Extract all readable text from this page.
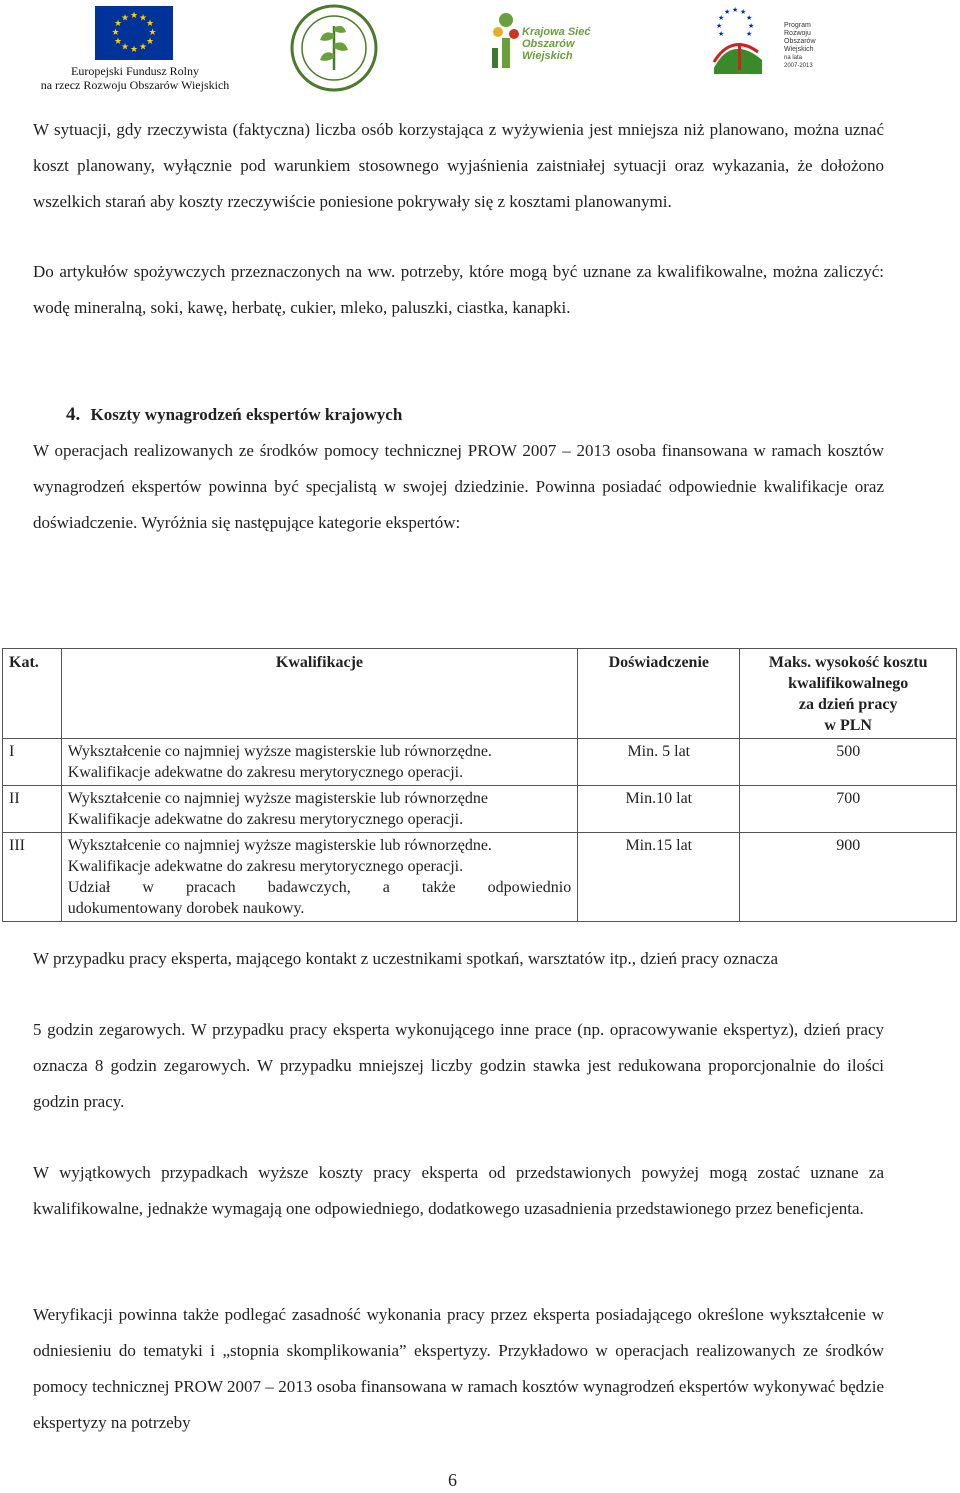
★ ★
★
★
★
★
★
★
★
★
★
★
Europejski Fundusz Rolny
na rzecz Rozwoju Obszarów Wiejskich
Krajowa Sieć
Obszarów Wiejskich
★ ★ ★
★	★
★	★
★	★
Program
Rozwoju
Obszarów
Wiejskich
na lata 2007-2013

W sytuacji, gdy rzeczywista (faktyczna) liczba osób korzystająca z wyżywienia jest mniejsza niż planowano, można uznać koszt planowany, wyłącznie pod warunkiem stosownego wyjaśnienia zaistniałej sytuacji oraz wykazania, że dołożono wszelkich starań aby koszty rzeczywiście poniesione pokrywały się z kosztami planowanymi.

Do artykułów spożywczych przeznaczonych na ww. potrzeby, które mogą być uznane za kwalifikowalne, można zaliczyć: wodę mineralną, soki, kawę, herbatę, cukier, mleko, paluszki, ciastka, kanapki.

4. Koszty wynagrodzeń ekspertów krajowych

W operacjach realizowanych ze środków pomocy technicznej PROW 2007 – 2013 osoba finansowana w ramach kosztów wynagrodzeń ekspertów powinna być specjalistą w swojej dziedzinie. Powinna posiadać odpowiednie kwalifikacje oraz doświadczenie. Wyróżnia się następujące kategorie ekspertów:

Kat.	Kwalifikacje	Doświadczenie	Maks. wysokość kosztu
kwalifikowalnego
za dzień pracy
w PLN

I	Wykształcenie co najmniej wyższe magisterskie lub równorzędne.
Kwalifikacje adekwatne do zakresu merytorycznego operacji.	Min. 5 lat	500
II	Wykształcenie co najmniej wyższe magisterskie lub równorzędne
Kwalifikacje adekwatne do zakresu merytorycznego operacji.	Min.10 lat	700
III	Wykształcenie co najmniej wyższe magisterskie lub równorzędne.
Kwalifikacje adekwatne do zakresu merytorycznego operacji.
Udział w pracach badawczych, a także odpowiednio
udokumentowany dorobek naukowy.	Min.15 lat	900

W przypadku pracy eksperta, mającego kontakt z uczestnikami spotkań, warsztatów itp., dzień pracy oznacza

5 godzin zegarowych. W przypadku pracy eksperta wykonującego inne prace (np. opracowywanie ekspertyz), dzień pracy oznacza 8 godzin zegarowych. W przypadku mniejszej liczby godzin stawka jest redukowana proporcjonalnie do ilości godzin pracy.

W wyjątkowych przypadkach wyższe koszty pracy eksperta od przedstawionych powyżej mogą zostać uznane za kwalifikowalne, jednakże wymagają one odpowiedniego, dodatkowego uzasadnienia przedstawionego przez beneficjenta.

Weryfikacji powinna także podlegać zasadność wykonania pracy przez eksperta posiadającego określone wykształcenie w odniesieniu do tematyki i „stopnia skomplikowania” ekspertyzy. Przykładowo w operacjach realizowanych ze środków pomocy technicznej PROW 2007 – 2013 osoba finansowana w ramach kosztów wynagrodzeń ekspertów wykonywać będzie ekspertyzy na potrzeby

6
